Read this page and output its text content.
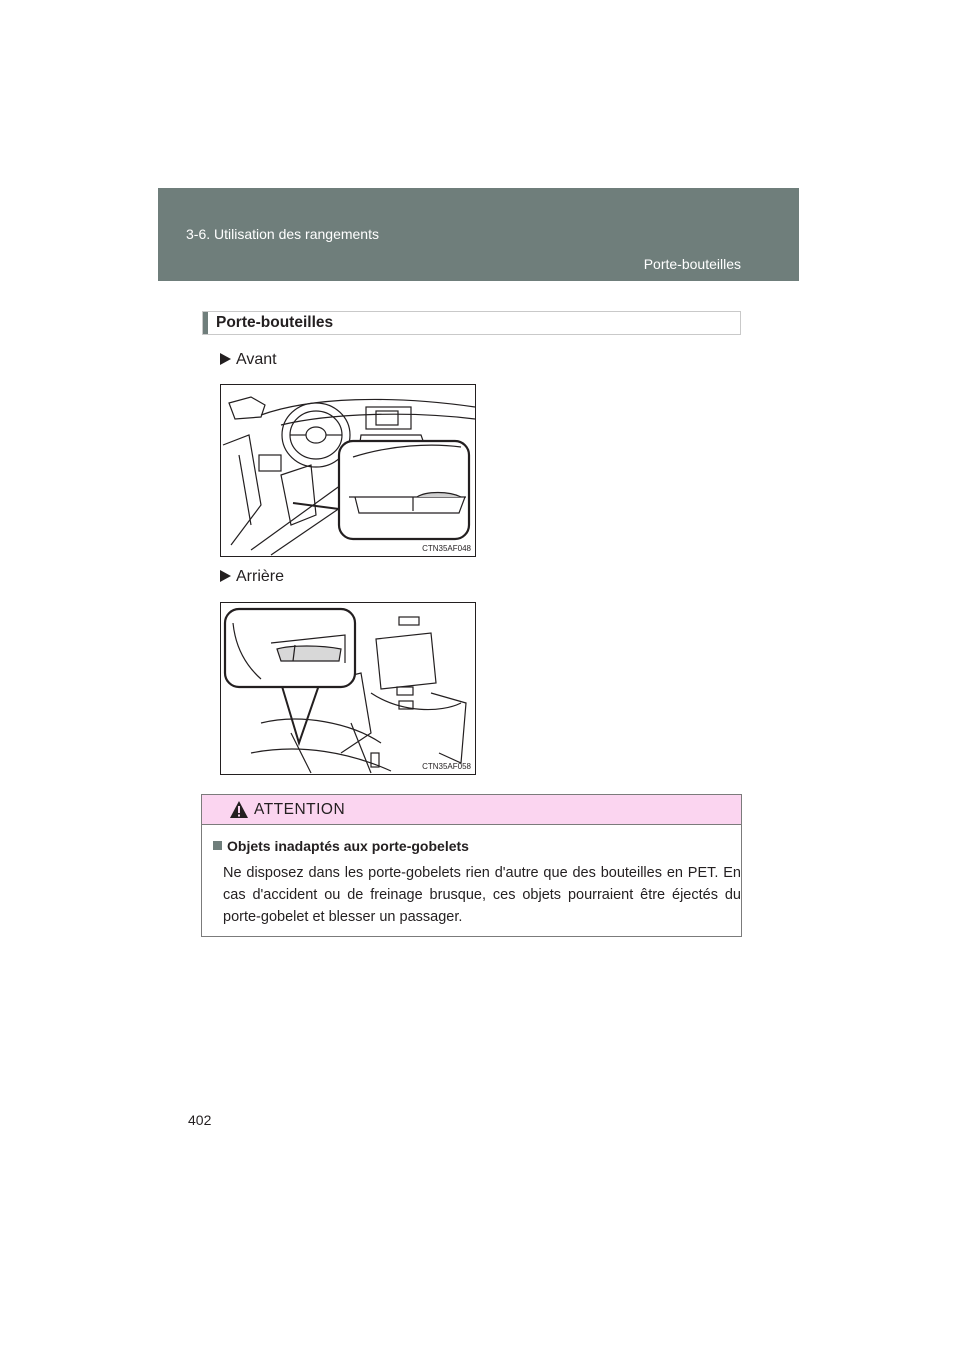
3-6. Utilisation des rangements
Porte-bouteilles
Porte-bouteilles
Avant
CTN35AF048
Arrière
CTN35AF058
ATTENTION
Objets inadaptés aux porte-gobelets
Ne disposez dans les porte-gobelets rien d'autre que des bouteilles en PET. En cas d'accident ou de freinage brusque, ces objets pourraient être éjectés du porte-gobelet et blesser un passager.
402
